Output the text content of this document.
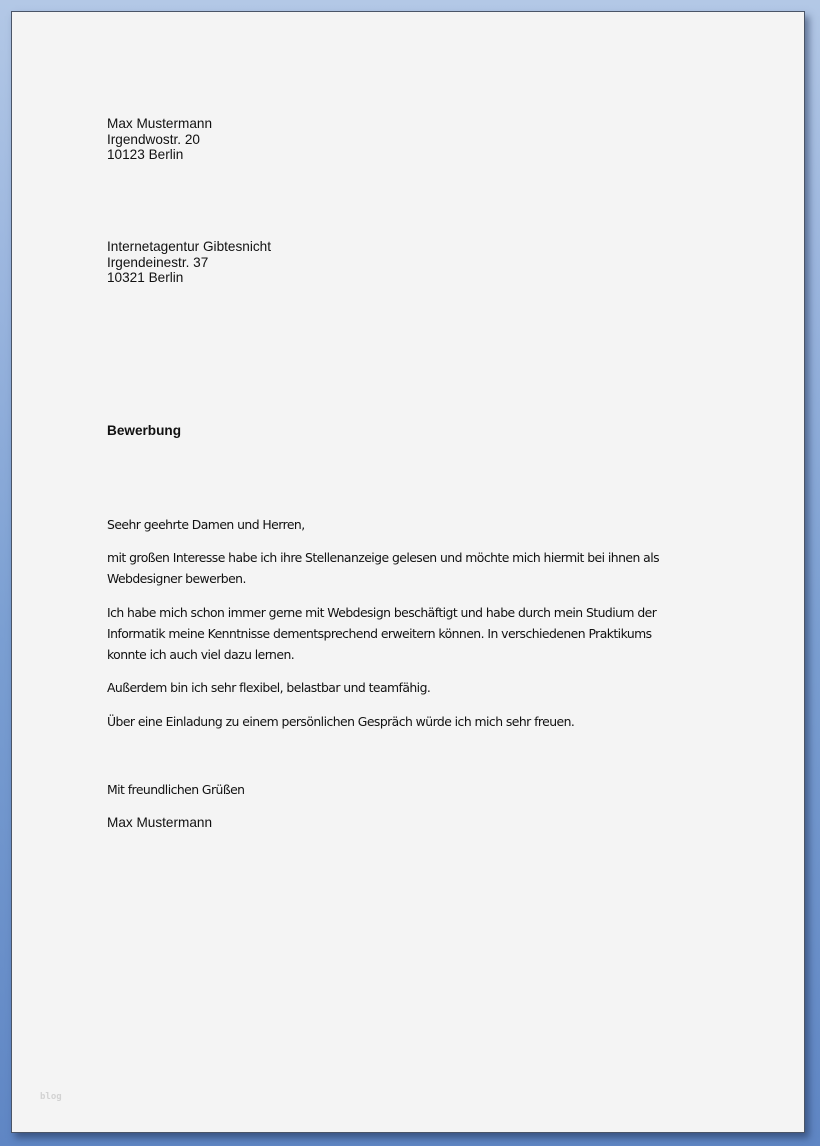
Max Mustermann
Irgendwostr. 20
10123 Berlin
Internetagentur Gibtesnicht
Irgendeinestr. 37
10321 Berlin
Bewerbung
Seehr geehrte Damen und Herren,
mit großen Interesse habe ich ihre Stellenanzeige gelesen und möchte mich hiermit bei ihnen als
Webdesigner bewerben.
Ich habe mich schon immer gerne mit Webdesign beschäftigt und habe durch mein Studium der
Informatik meine Kenntnisse dementsprechend erweitern können. In verschiedenen Praktikums
konnte ich auch viel dazu lernen.
Außerdem bin ich sehr flexibel, belastbar und teamfähig.
Über eine Einladung zu einem persönlichen Gespräch würde ich mich sehr freuen.
Mit freundlichen Grüßen
Max Mustermann
blog
